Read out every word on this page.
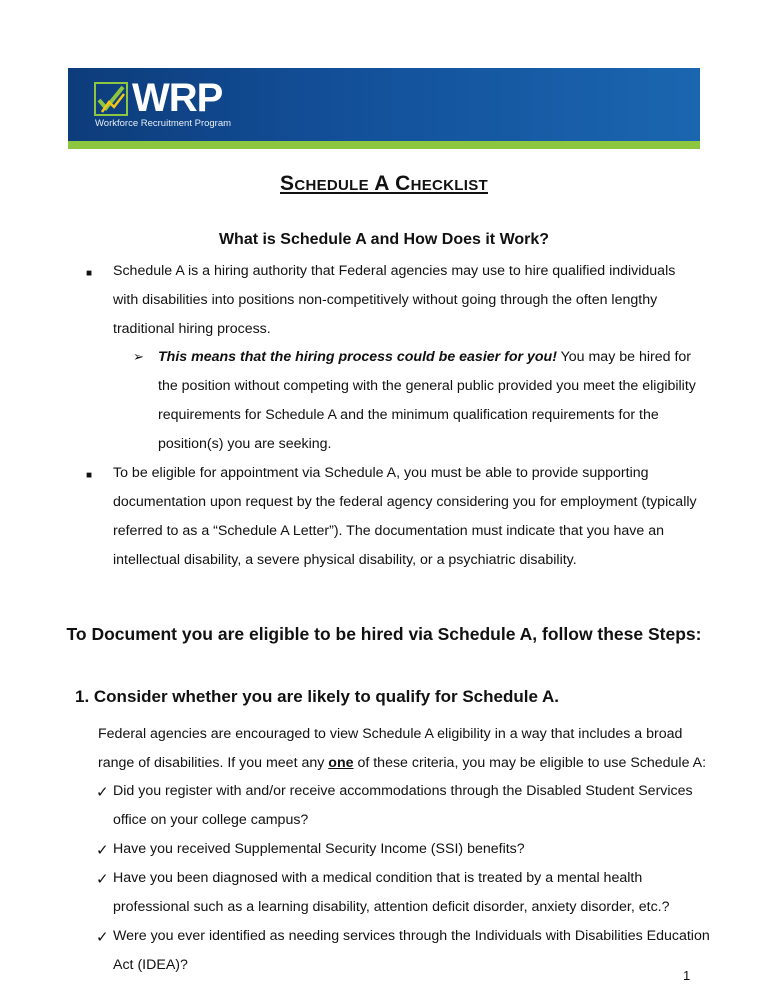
WRP
Workforce Recruitment Program
Schedule A Checklist
What is Schedule A and How Does it Work?
■ Schedule A is a hiring authority that Federal agencies may use to hire qualified individuals with disabilities into positions non-competitively without going through the often lengthy traditional hiring process.
➢ This means that the hiring process could be easier for you! You may be hired for the position without competing with the general public provided you meet the eligibility requirements for Schedule A and the minimum qualification requirements for the position(s) you are seeking.
■ To be eligible for appointment via Schedule A, you must be able to provide supporting documentation upon request by the federal agency considering you for employment (typically referred to as a “Schedule A Letter”). The documentation must indicate that you have an intellectual disability, a severe physical disability, or a psychiatric disability.
To Document you are eligible to be hired via Schedule A, follow these Steps:
1. Consider whether you are likely to qualify for Schedule A.
Federal agencies are encouraged to view Schedule A eligibility in a way that includes a broad range of disabilities. If you meet any one of these criteria, you may be eligible to use Schedule A:
✓ Did you register with and/or receive accommodations through the Disabled Student Services office on your college campus?
✓ Have you received Supplemental Security Income (SSI) benefits?
✓ Have you been diagnosed with a medical condition that is treated by a mental health professional such as a learning disability, attention deficit disorder, anxiety disorder, etc.?
✓ Were you ever identified as needing services through the Individuals with Disabilities Education Act (IDEA)?
1
